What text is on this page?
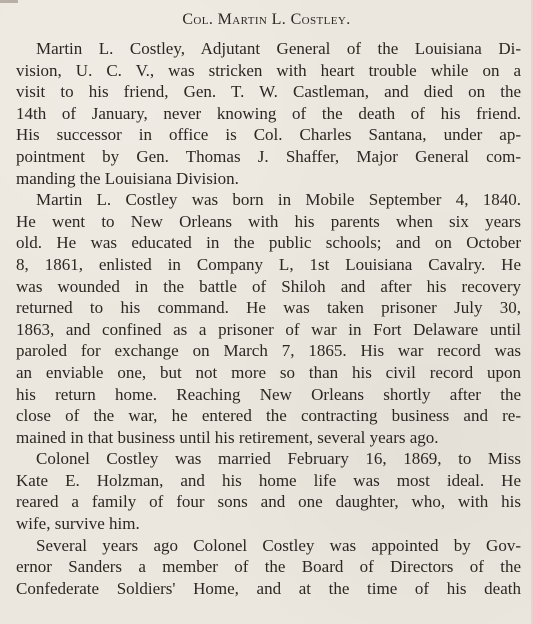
Col. Martin L. Costley.
Martin L. Costley, Adjutant General of the Louisiana Di-
vision, U. C. V., was stricken with heart trouble while on a
visit to his friend, Gen. T. W. Castleman, and died on the
14th of January, never knowing of the death of his friend.
His successor in office is Col. Charles Santana, under ap-
pointment by Gen. Thomas J. Shaffer, Major General com-
manding the Louisiana Division.
Martin L. Costley was born in Mobile September 4, 1840.
He went to New Orleans with his parents when six years
old. He was educated in the public schools; and on October
8, 1861, enlisted in Company L, 1st Louisiana Cavalry. He
was wounded in the battle of Shiloh and after his recovery
returned to his command. He was taken prisoner July 30,
1863, and confined as a prisoner of war in Fort Delaware until
paroled for exchange on March 7, 1865. His war record was
an enviable one, but not more so than his civil record upon
his return home. Reaching New Orleans shortly after the
close of the war, he entered the contracting business and re-
mained in that business until his retirement, several years ago.
Colonel Costley was married February 16, 1869, to Miss
Kate E. Holzman, and his home life was most ideal. He
reared a family of four sons and one daughter, who, with his
wife, survive him.
Several years ago Colonel Costley was appointed by Gov-
ernor Sanders a member of the Board of Directors of the
Confederate Soldiers' Home, and at the time of his death
